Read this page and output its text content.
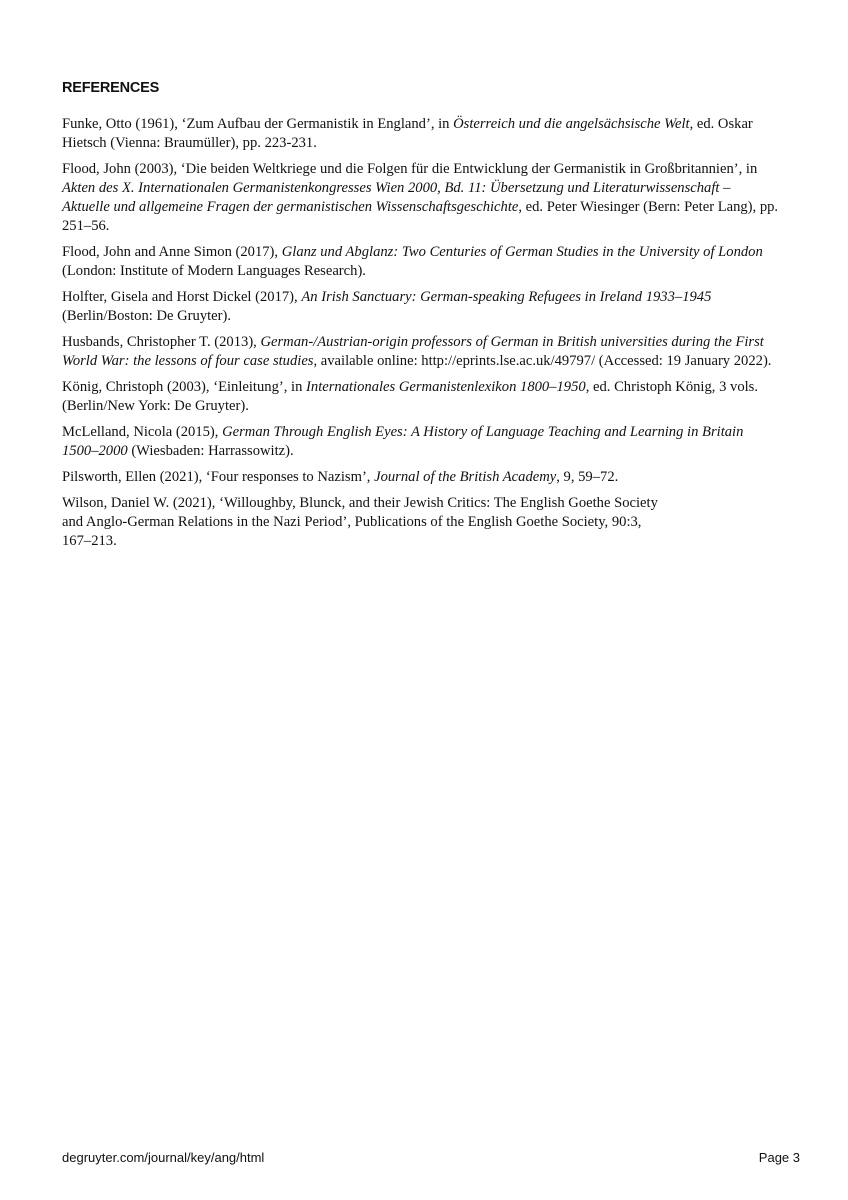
REFERENCES

Funke, Otto (1961), ‘Zum Aufbau der Germanistik in England’, in Österreich und die angelsächsische Welt, ed. Oskar
Hietsch (Vienna: Braumüller), pp. 223-231.

Flood, John (2003), ‘Die beiden Weltkriege und die Folgen für die Entwicklung der Germanistik in Großbritannien’, in
Akten des X. Internationalen Germanistenkongresses Wien 2000, Bd. 11: Übersetzung und Literaturwissenschaft –
Aktuelle und allgemeine Fragen der germanistischen Wissenschaftsgeschichte, ed. Peter Wiesinger (Bern: Peter Lang), pp.
251–56.

Flood, John and Anne Simon (2017), Glanz und Abglanz: Two Centuries of German Studies in the University of London
(London: Institute of Modern Languages Research).

Holfter, Gisela and Horst Dickel (2017), An Irish Sanctuary: German-speaking Refugees in Ireland 1933–1945
(Berlin/Boston: De Gruyter).

Husbands, Christopher T. (2013), German-/Austrian-origin professors of German in British universities during the First
World War: the lessons of four case studies, available online: http://eprints.lse.ac.uk/49797/ (Accessed: 19 January 2022).

König, Christoph (2003), ‘Einleitung’, in Internationales Germanistenlexikon 1800–1950, ed. Christoph König, 3 vols.
(Berlin/New York: De Gruyter).

McLelland, Nicola (2015), German Through English Eyes: A History of Language Teaching and Learning in Britain
1500–2000 (Wiesbaden: Harrassowitz).

Pilsworth, Ellen (2021), ‘Four responses to Nazism’, Journal of the British Academy, 9, 59–72.

Wilson, Daniel W. (2021), ‘Willoughby, Blunck, and their Jewish Critics: The English Goethe Society
and Anglo-German Relations in the Nazi Period’, Publications of the English Goethe Society, 90:3,
167–213.

degruyter.com/journal/key/ang/html	Page 3
